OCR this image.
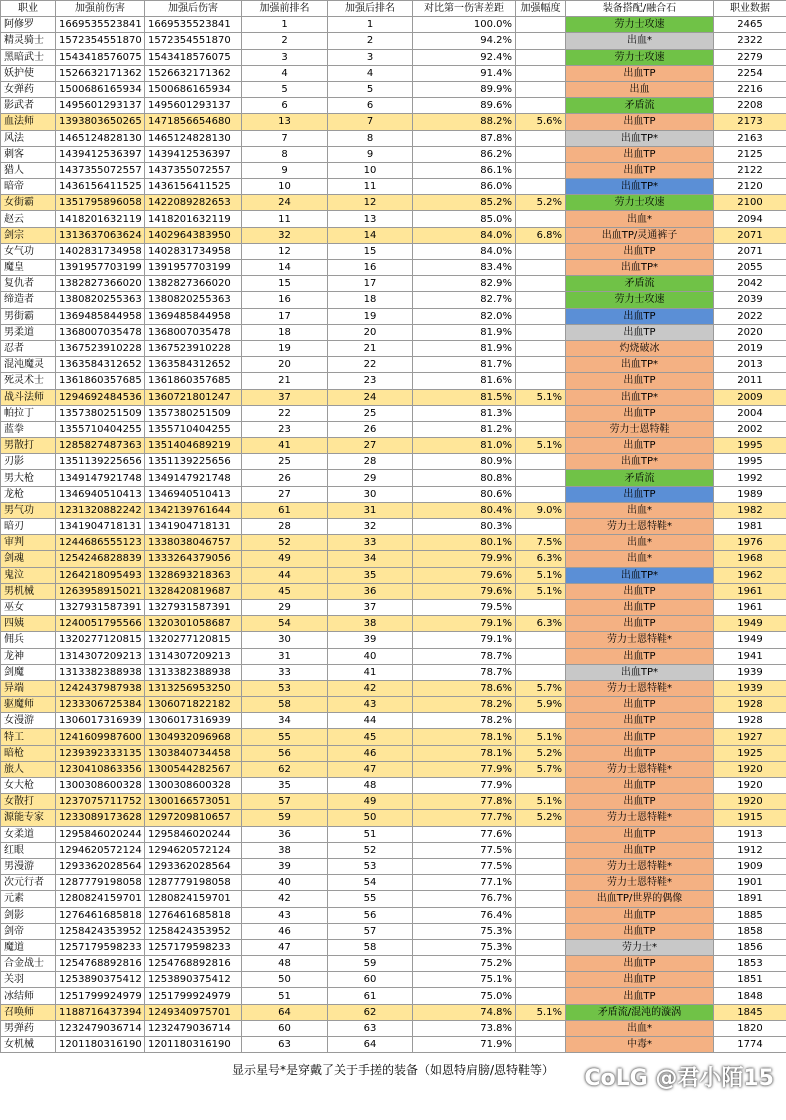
职业	加强前伤害	加强后伤害	加强前排名	加强后排名	对比第一伤害差距	加强幅度	装备搭配/融合石	职业数据
阿修罗	1669535523841	1669535523841	1	1	100.0%		劳力士攻速	2465
精灵骑士	1572354551870	1572354551870	2	2	94.2%		出血*	2322
黑暗武士	1543418576075	1543418576075	3	3	92.4%		劳力士攻速	2279
妖护使	1526632171362	1526632171362	4	4	91.4%		出血TP	2254
女弹药	1500686165934	1500686165934	5	5	89.9%		出血	2216
影武者	1495601293137	1495601293137	6	6	89.6%		矛盾流	2208
血法师	1393803650265	1471856654680	13	7	88.2%	5.6%	出血TP	2173
风法	1465124828130	1465124828130	7	8	87.8%		出血TP*	2163
刺客	1439412536397	1439412536397	8	9	86.2%		出血TP	2125
猎人	1437355072557	1437355072557	9	10	86.1%		出血TP	2122
暗帝	1436156411525	1436156411525	10	11	86.0%		出血TP*	2120
女街霸	1351795896058	1422089282653	24	12	85.2%	5.2%	劳力士攻速	2100
赵云	1418201632119	1418201632119	11	13	85.0%		出血*	2094
剑宗	1313637063624	1402964383950	32	14	84.0%	6.8%	出血TP/灵通裤子	2071
女气功	1402831734958	1402831734958	12	15	84.0%		出血TP	2071
魔皇	1391957703199	1391957703199	14	16	83.4%		出血TP*	2055
复仇者	1382827366020	1382827366020	15	17	82.9%		矛盾流	2042
缔造者	1380820255363	1380820255363	16	18	82.7%		劳力士攻速	2039
男街霸	1369485844958	1369485844958	17	19	82.0%		出血TP	2022
男柔道	1368007035478	1368007035478	18	20	81.9%		出血TP	2020
忍者	1367523910228	1367523910228	19	21	81.9%		灼烧破冰	2019
混沌魔灵	1363584312652	1363584312652	20	22	81.7%		出血TP*	2013
死灵术士	1361860357685	1361860357685	21	23	81.6%		出血TP	2011
战斗法师	1294692484536	1360721801247	37	24	81.5%	5.1%	出血TP*	2009
帕拉丁	1357380251509	1357380251509	22	25	81.3%		出血TP	2004
蓝拳	1355710404255	1355710404255	23	26	81.2%		劳力士恩特鞋	2002
男散打	1285827487363	1351404689219	41	27	81.0%	5.1%	出血TP	1995
刃影	1351139225656	1351139225656	25	28	80.9%		出血TP*	1995
男大枪	1349147921748	1349147921748	26	29	80.8%		矛盾流	1992
龙枪	1346940510413	1346940510413	27	30	80.6%		出血TP	1989
男气功	1231320882242	1342139761644	61	31	80.4%	9.0%	出血*	1982
暗刃	1341904718131	1341904718131	28	32	80.3%		劳力士恩特鞋*	1981
审判	1244686555123	1338038046757	52	33	80.1%	7.5%	出血*	1976
剑魂	1254246828839	1333264379056	49	34	79.9%	6.3%	出血*	1968
鬼泣	1264218095493	1328693218363	44	35	79.6%	5.1%	出血TP*	1962
男机械	1263958915021	1328420819687	45	36	79.6%	5.1%	出血TP	1961
巫女	1327931587391	1327931587391	29	37	79.5%		出血TP	1961
四姨	1240051795566	1320301058687	54	38	79.1%	6.3%	出血TP	1949
佣兵	1320277120815	1320277120815	30	39	79.1%		劳力士恩特鞋*	1949
龙神	1314307209213	1314307209213	31	40	78.7%		出血TP	1941
剑魔	1313382388938	1313382388938	33	41	78.7%		出血TP*	1939
异端	1242437987938	1313256953250	53	42	78.6%	5.7%	劳力士恩特鞋*	1939
驱魔师	1233306725384	1306071822182	58	43	78.2%	5.9%	出血TP	1928
女漫游	1306017316939	1306017316939	34	44	78.2%		出血TP	1928
特工	1241609987600	1304932096968	55	45	78.1%	5.1%	出血TP	1927
暗枪	1239392333135	1303840734458	56	46	78.1%	5.2%	出血TP	1925
旅人	1230410863356	1300544282567	62	47	77.9%	5.7%	劳力士恩特鞋*	1920
女大枪	1300308600328	1300308600328	35	48	77.9%		出血TP	1920
女散打	1237075711752	1300166573051	57	49	77.8%	5.1%	出血TP	1920
源能专家	1233089173628	1297209810657	59	50	77.7%	5.2%	劳力士恩特鞋*	1915
女柔道	1295846020244	1295846020244	36	51	77.6%		出血TP	1913
红眼	1294620572124	1294620572124	38	52	77.5%		出血TP	1912
男漫游	1293362028564	1293362028564	39	53	77.5%		劳力士恩特鞋*	1909
次元行者	1287779198058	1287779198058	40	54	77.1%		劳力士恩特鞋*	1901
元素	1280824159701	1280824159701	42	55	76.7%		出血TP/世界的偶像	1891
剑影	1276461685818	1276461685818	43	56	76.4%		出血TP	1885
剑帝	1258424353952	1258424353952	46	57	75.3%		出血TP	1858
魔道	1257179598233	1257179598233	47	58	75.3%		劳力士*	1856
合金战士	1254768892816	1254768892816	48	59	75.2%		出血TP	1853
关羽	1253890375412	1253890375412	50	60	75.1%		出血TP	1851
冰结师	1251799924979	1251799924979	51	61	75.0%		出血TP	1848
召唤师	1188716437394	1249340975701	64	62	74.8%	5.1%	矛盾流/混沌的漩涡	1845
男弹药	1232479036714	1232479036714	60	63	73.8%		出血*	1820
女机械	1201180316190	1201180316190	63	64	71.9%		中毒*	1774
显示星号*是穿戴了关于手搓的装备（如恩特肩膀/恩特鞋等）	CoLG @君小陌15
